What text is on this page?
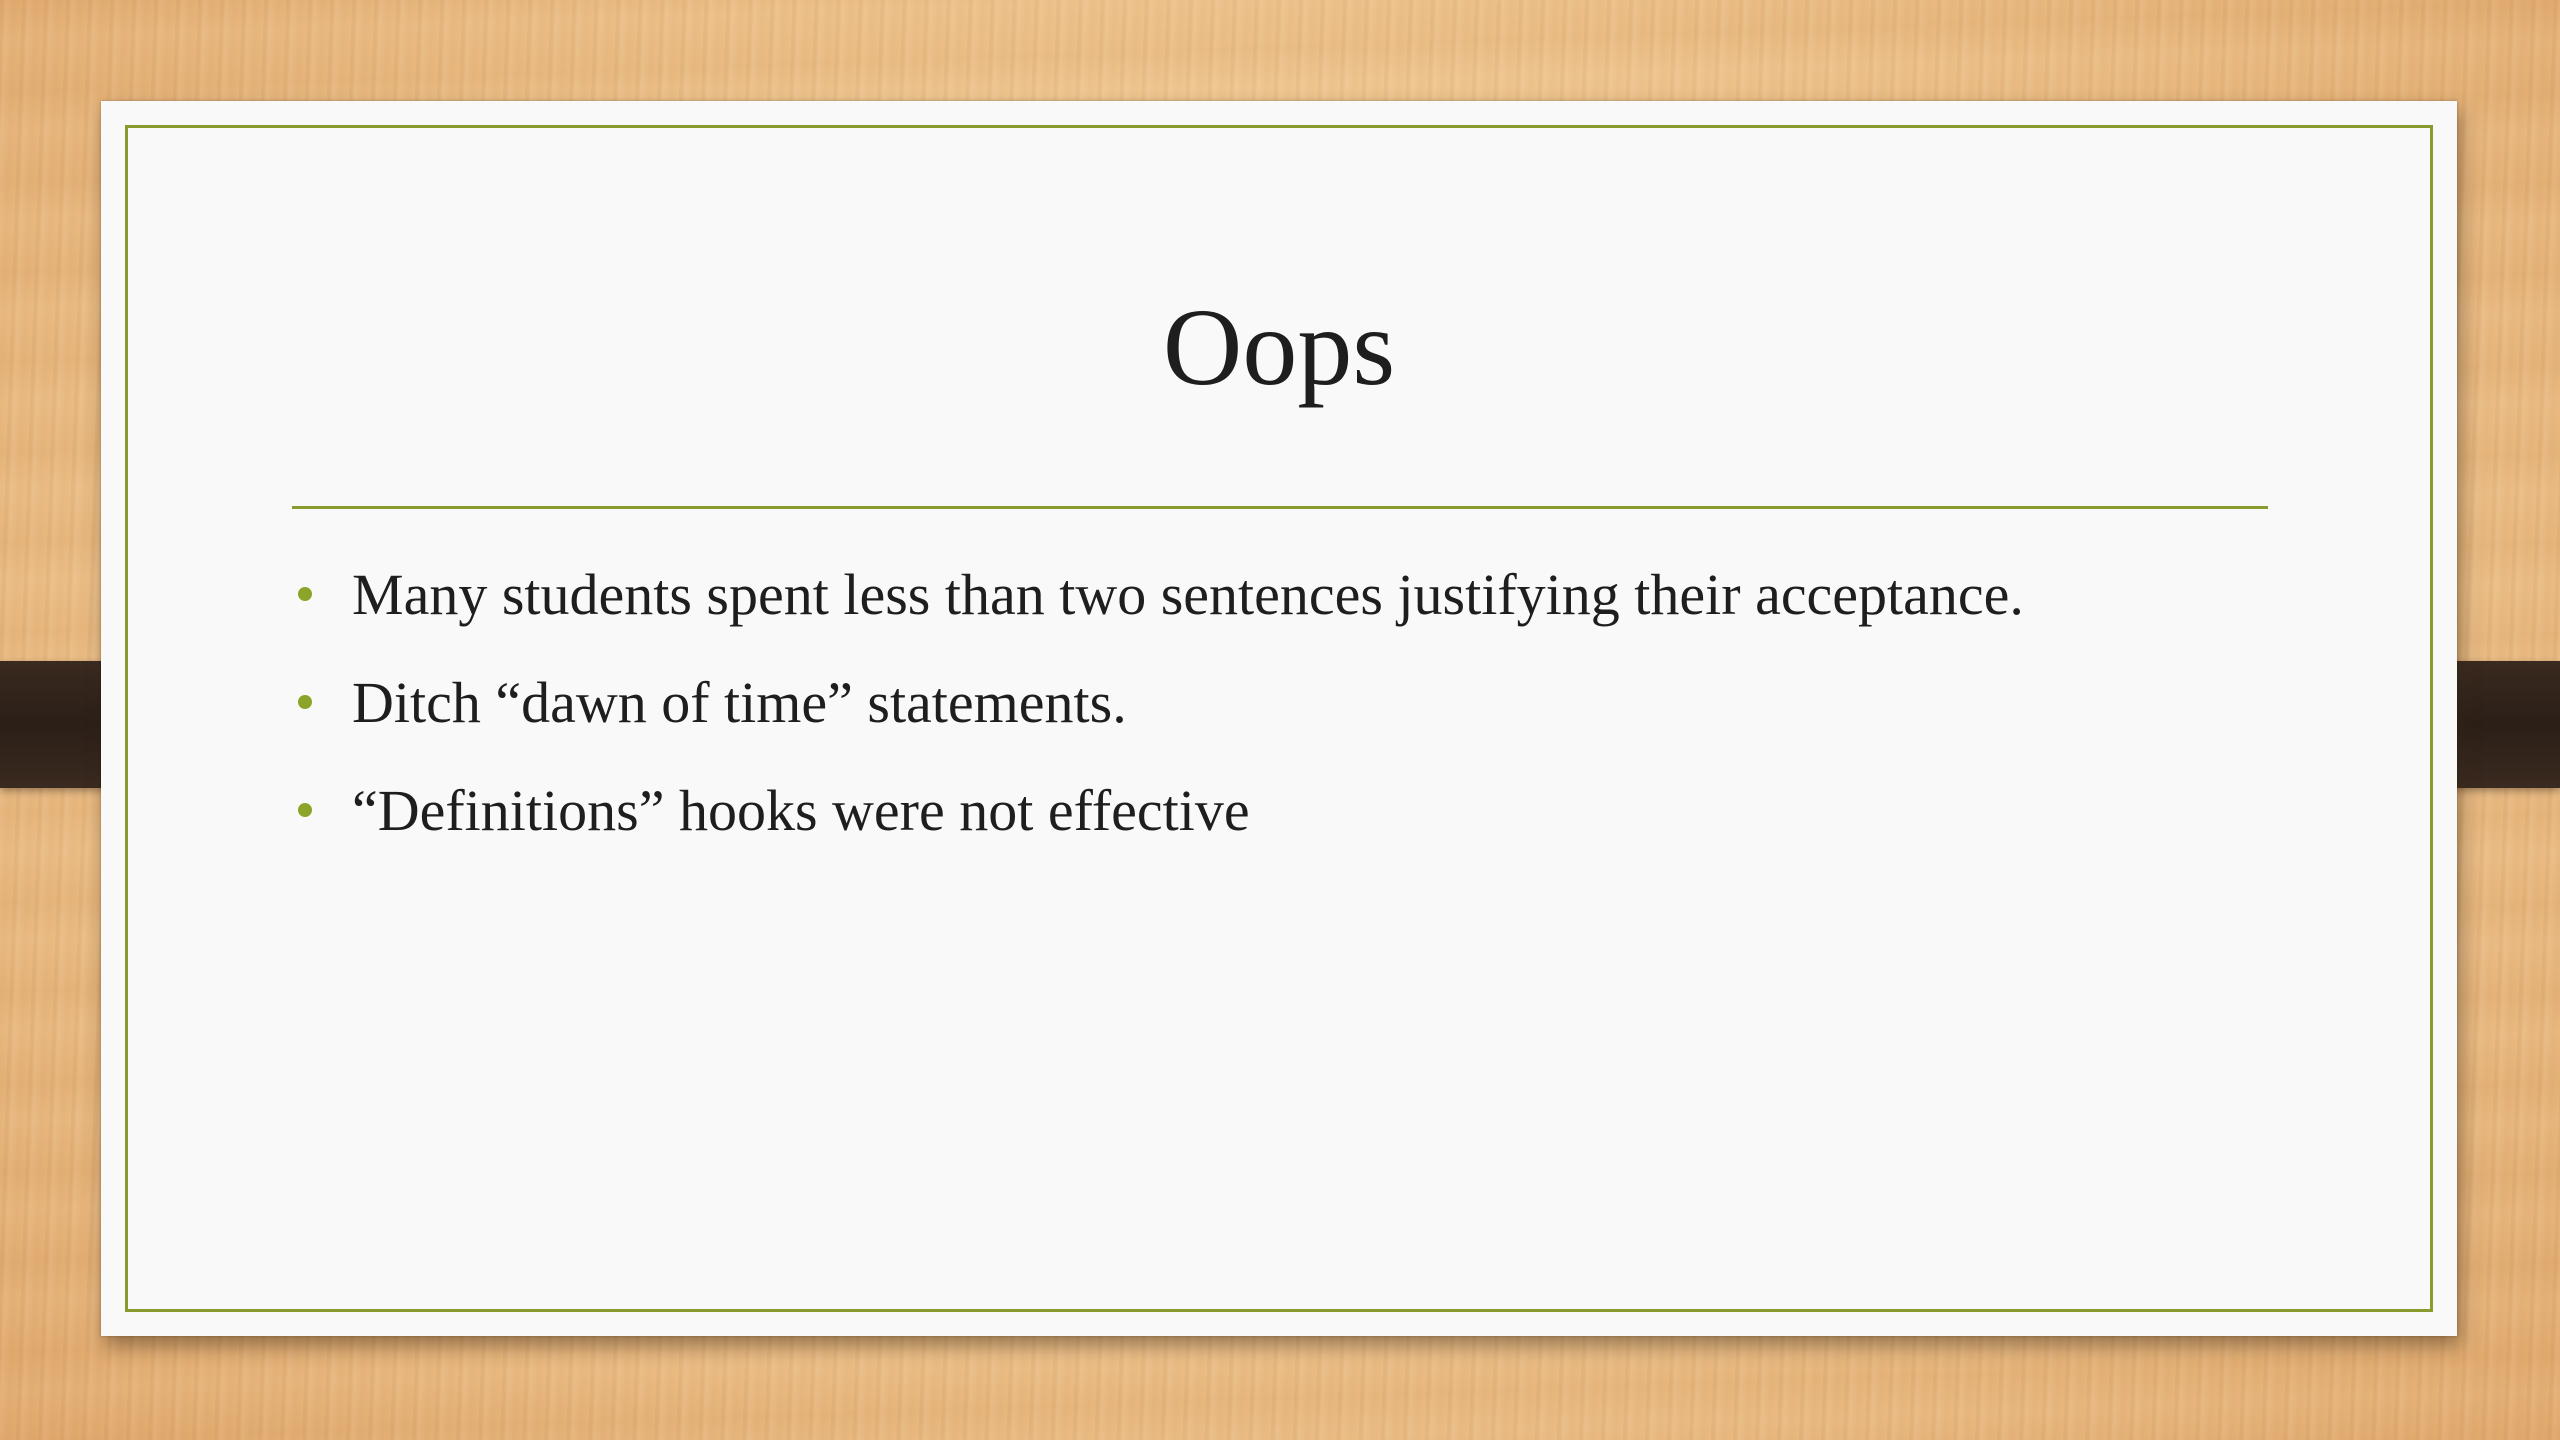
Oops
Many students spent less than two sentences justifying their acceptance.
Ditch “dawn of time” statements.
“Definitions” hooks were not effective
